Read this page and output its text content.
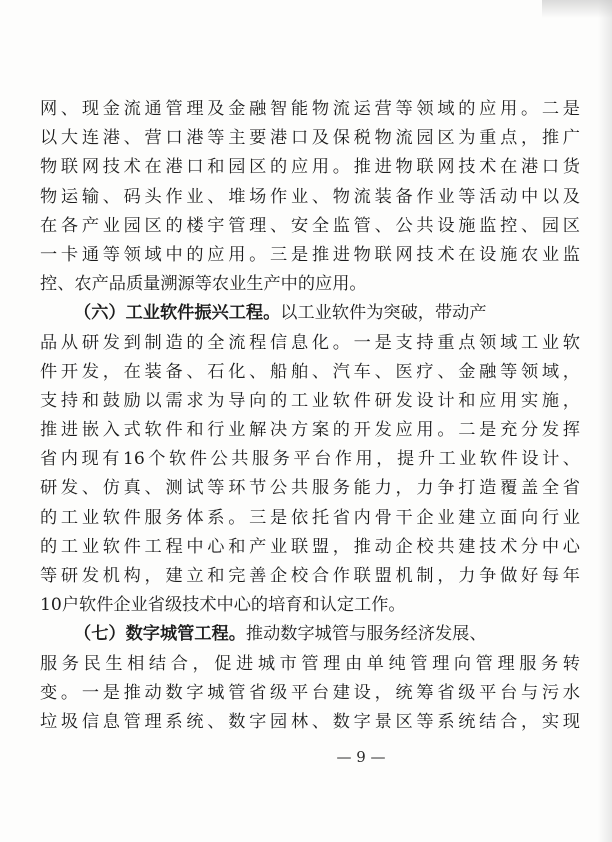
网、现金流通管理及金融智能物流运营等领域的应用。二是
以大连港、营口港等主要港口及保税物流园区为重点，推广
物联网技术在港口和园区的应用。推进物联网技术在港口货
物运输、码头作业、堆场作业、物流装备作业等活动中以及
在各产业园区的楼宇管理、安全监管、公共设施监控、园区
一卡通等领域中的应用。三是推进物联网技术在设施农业监
控、农产品质量溯源等农业生产中的应用。
（六）工业软件振兴工程。以工业软件为突破，带动产
品从研发到制造的全流程信息化。一是支持重点领域工业软
件开发，在装备、石化、船舶、汽车、医疗、金融等领域，
支持和鼓励以需求为导向的工业软件研发设计和应用实施，
推进嵌入式软件和行业解决方案的开发应用。二是充分发挥
省内现有16个软件公共服务平台作用，提升工业软件设计、
研发、仿真、测试等环节公共服务能力，力争打造覆盖全省
的工业软件服务体系。三是依托省内骨干企业建立面向行业
的工业软件工程中心和产业联盟，推动企校共建技术分中心
等研发机构，建立和完善企校合作联盟机制，力争做好每年
10户软件企业省级技术中心的培育和认定工作。
（七）数字城管工程。推动数字城管与服务经济发展、
服务民生相结合，促进城市管理由单纯管理向管理服务转
变。一是推动数字城管省级平台建设，统筹省级平台与污水
垃圾信息管理系统、数字园林、数字景区等系统结合，实现
— 9 —
